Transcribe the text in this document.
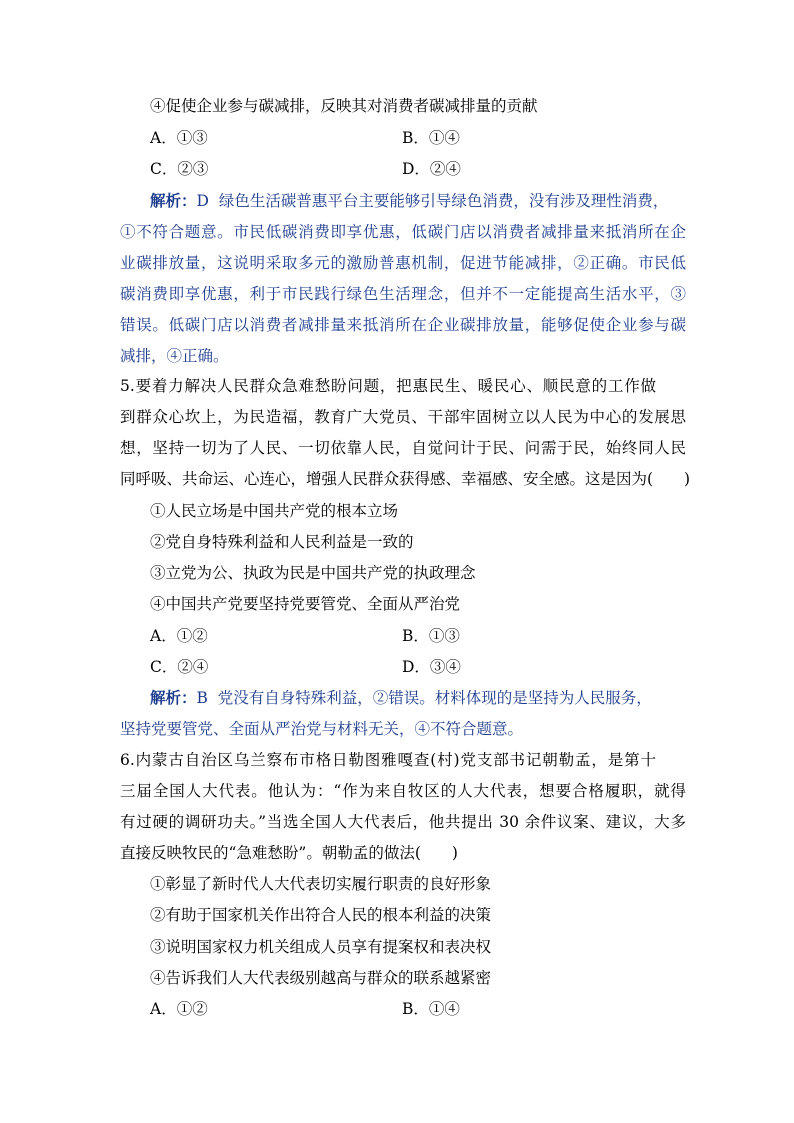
④促使企业参与碳减排，反映其对消费者碳减排量的贡献
A．①③	B．①④
C．②③	D．②④
解析：D 绿色生活碳普惠平台主要能够引导绿色消费，没有涉及理性消费，
①不符合题意。市民低碳消费即享优惠，低碳门店以消费者减排量来抵消所在企
业碳排放量，这说明采取多元的激励普惠机制，促进节能减排，②正确。市民低
碳消费即享优惠，利于市民践行绿色生活理念，但并不一定能提高生活水平，③
错误。低碳门店以消费者减排量来抵消所在企业碳排放量，能够促使企业参与碳
减排，④正确。
5.要着力解决人民群众急难愁盼问题，把惠民生、暖民心、顺民意的工作做
到群众心坎上，为民造福，教育广大党员、干部牢固树立以人民为中心的发展思
想，坚持一切为了人民、一切依靠人民，自觉问计于民、问需于民，始终同人民
同呼吸、共命运、心连心，增强人民群众获得感、幸福感、安全感。这是因为(　　)
①人民立场是中国共产党的根本立场
②党自身特殊利益和人民利益是一致的
③立党为公、执政为民是中国共产党的执政理念
④中国共产党要坚持党要管党、全面从严治党
A．①②	B．①③
C．②④	D．③④
解析：B 党没有自身特殊利益，②错误。材料体现的是坚持为人民服务，
坚持党要管党、全面从严治党与材料无关，④不符合题意。
6.内蒙古自治区乌兰察布市格日勒图雅嘎查(村)党支部书记朝勒孟，是第十
三届全国人大代表。他认为：“作为来自牧区的人大代表，想要合格履职，就得
有过硬的调研功夫。”当选全国人大代表后，他共提出 30 余件议案、建议，大多
直接反映牧民的“急难愁盼”。朝勒孟的做法(　　)
①彰显了新时代人大代表切实履行职责的良好形象
②有助于国家机关作出符合人民的根本利益的决策
③说明国家权力机关组成人员享有提案权和表决权
④告诉我们人大代表级别越高与群众的联系越紧密
A．①②	B．①④
